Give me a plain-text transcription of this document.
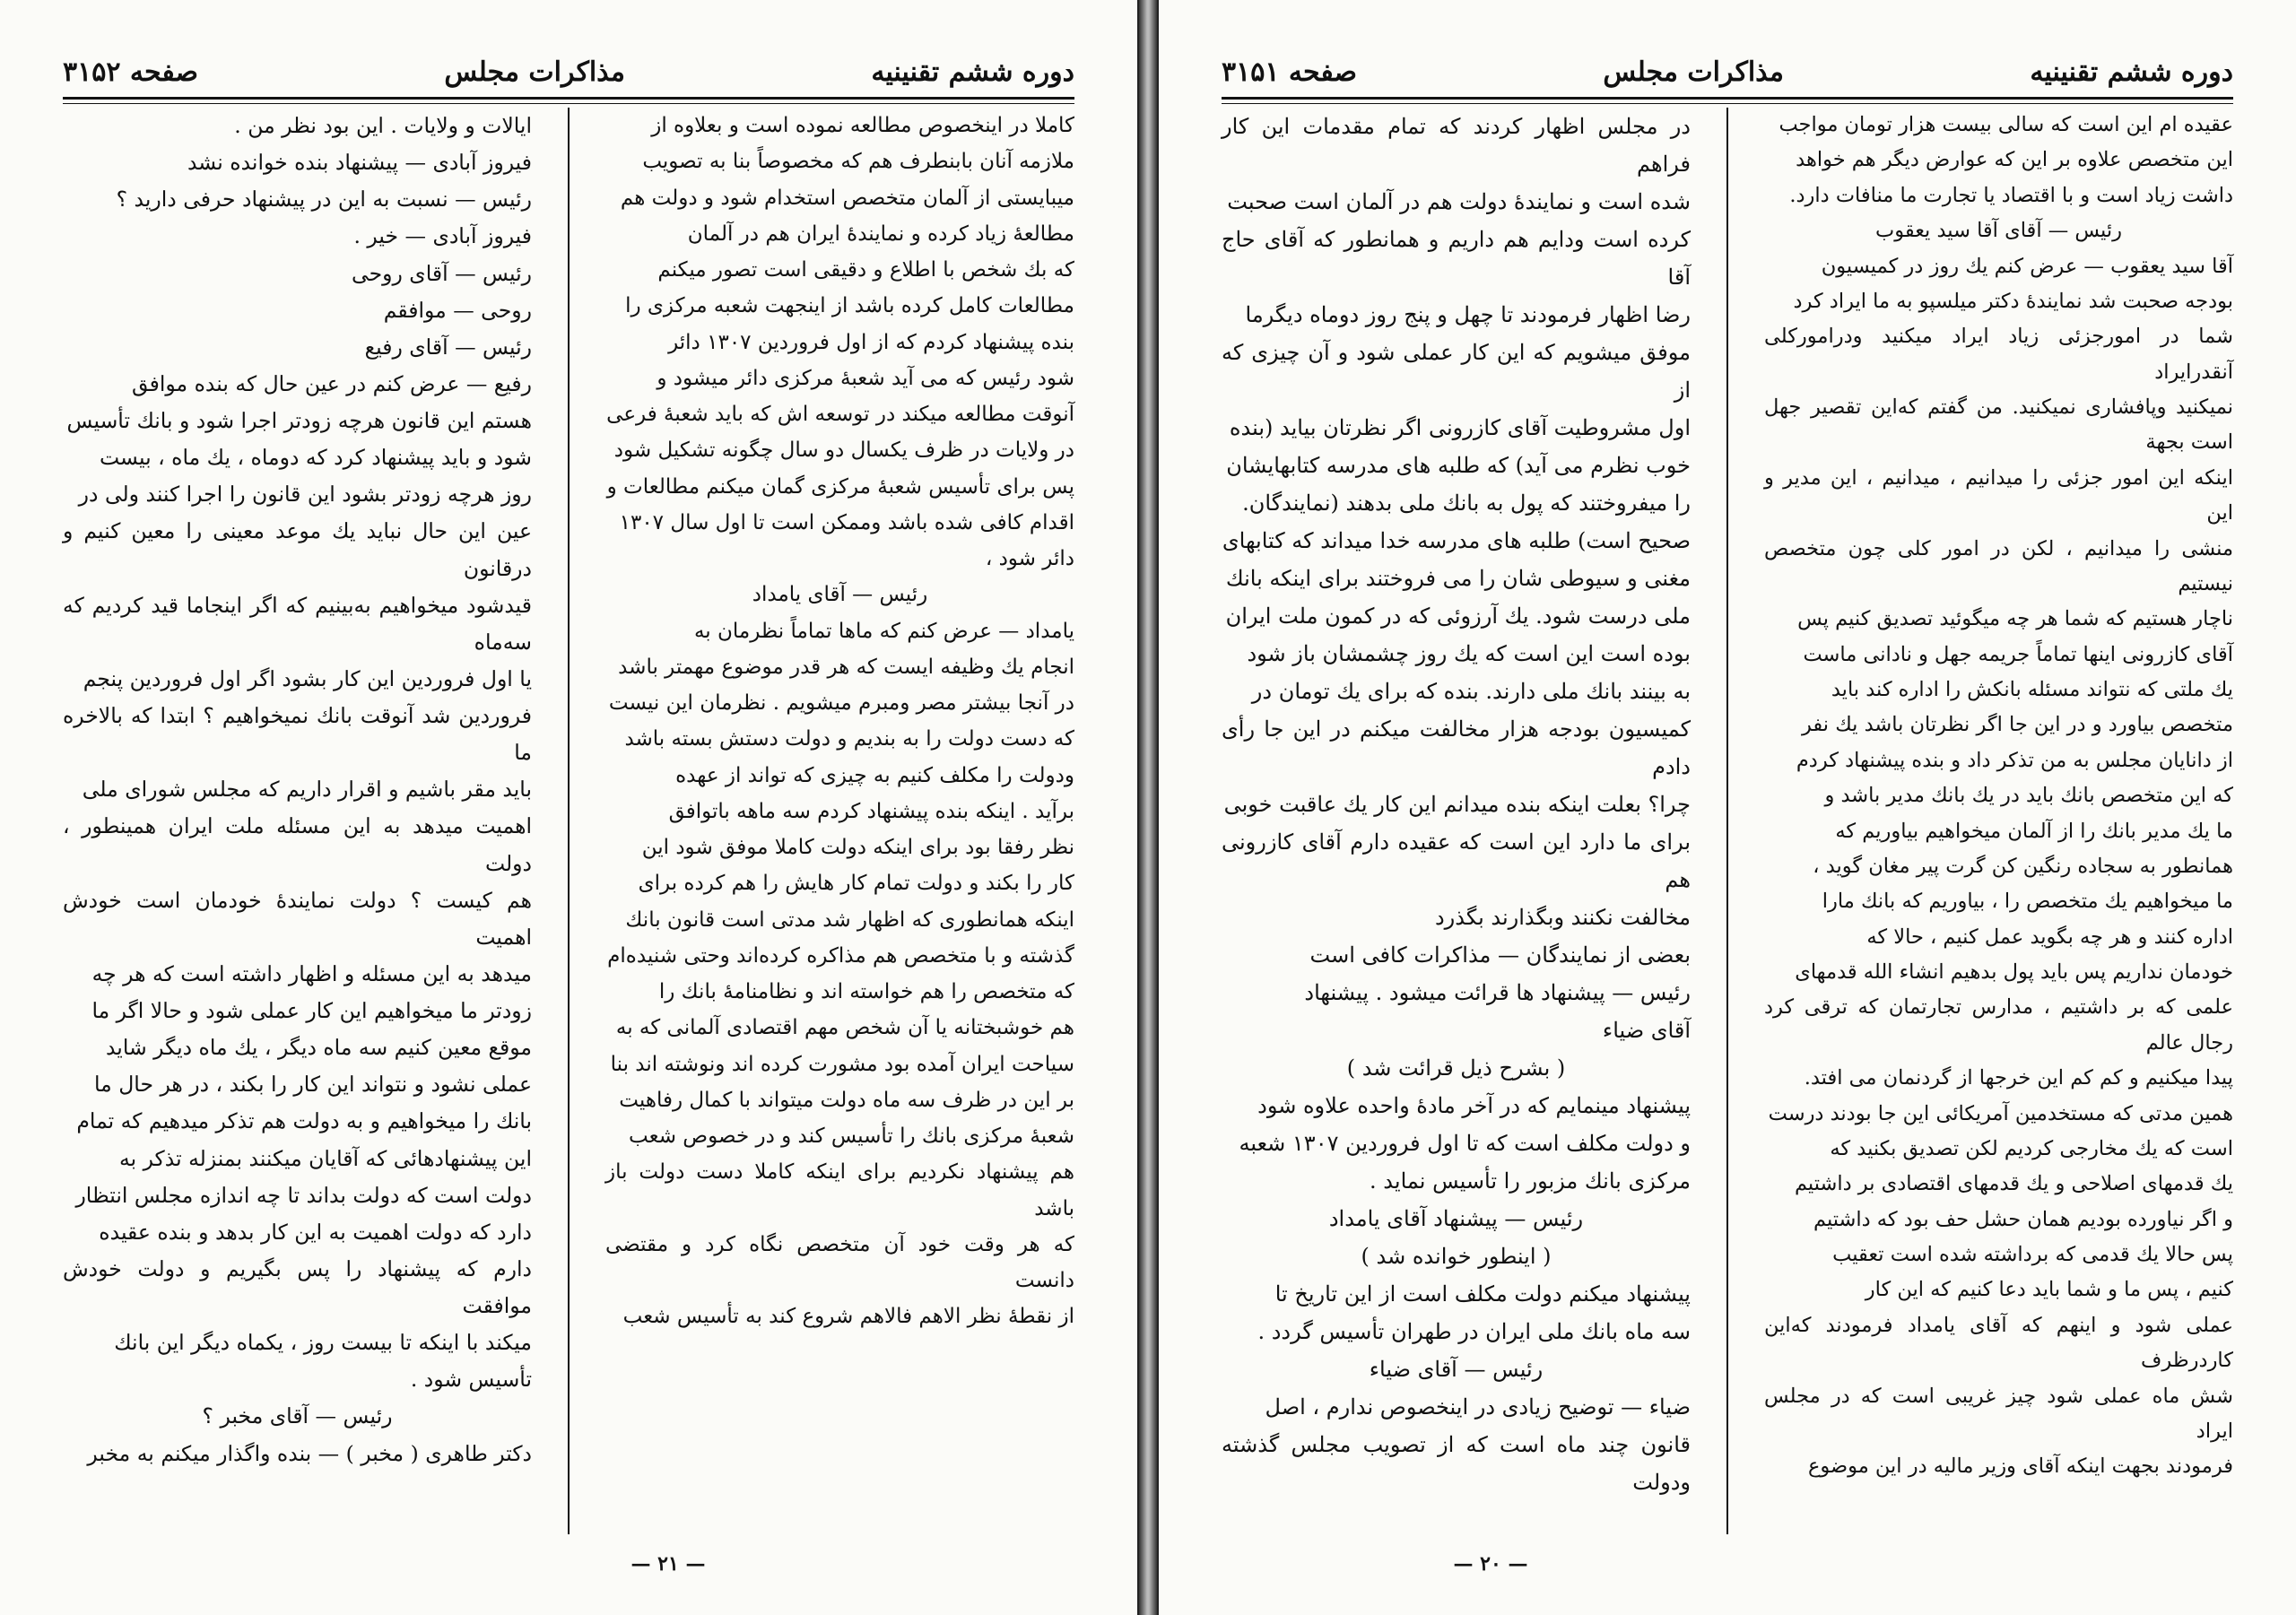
دوره ششم تقنینیه
مذاکرات مجلس
صفحه ۳۱۵۲

کاملا در اینخصوص مطالعه نموده است و بعلاوه از
ملازمه آنان بابنطرف هم که مخصوصاً بنا به تصویب
میبایستی از آلمان متخصص استخدام شود و دولت هم
مطالعهٔ زیاد کرده و نمایندهٔ ایران هم در آلمان
که بك شخص با اطلاع و دقیقی است تصور میکنم
مطالعات کامل کرده باشد از اینجهت شعبه مرکزی را
بنده پیشنهاد کردم که از اول فروردین ۱۳۰۷ دائر
شود رئیس که می آید شعبهٔ مرکزی دائر میشود و
آنوقت مطالعه میکند در توسعه اش که باید شعبهٔ فرعی
در ولایات در ظرف یکسال دو سال چگونه تشکیل شود
پس برای تأسیس شعبهٔ مرکزی گمان میکنم مطالعات و
اقدام کافی شده باشد وممکن است تا اول سال ۱۳۰۷
دائر شود ،

رئیس — آقای یامداد

یامداد — عرض کنم که ماها تماماً نظرمان به
انجام یك وظیفه ایست که هر قدر موضوع مهمتر باشد
در آنجا بیشتر مصر ومبرم میشویم . نظرمان این نیست
که دست دولت را به بندیم و دولت دستش بسته باشد
ودولت را مکلف کنیم به چیزی که تواند از عهده
برآید . اینکه بنده پیشنهاد کردم سه ماهه باتوافق
نظر رفقا بود برای اینکه دولت کاملا موفق شود این
کار را بکند و دولت تمام کار هایش را هم کرده برای
اینکه همانطوری که اظهار شد مدتی است قانون بانك
گذشته و با متخصص هم مذاکره کرده‌اند وحتی شنیده‌ام
که متخصص را هم خواسته اند و نظامنامهٔ بانك را
هم خوشبختانه یا آن شخص مهم اقتصادی آلمانی که به
سیاحت ایران آمده بود مشورت کرده اند ونوشته اند بنا
بر این در ظرف سه ماه دولت میتواند با کمال رفاهیت
شعبهٔ مرکزی بانك را تأسیس کند و در خصوص شعب
هم پیشنهاد نکردیم برای اینکه کاملا دست دولت باز باشد
که هر وقت خود آن متخصص نگاه کرد و مقتضی دانست
از نقطهٔ نظر الاهم فالاهم شروع کند به تأسیس شعب

ایالات و ولایات . این بود نظر من .

فیروز آبادی — پیشنهاد بنده خوانده نشد

رئیس — نسبت به این در پیشنهاد حرفی دارید ؟

فیروز آبادی — خیر .

رئیس — آقای روحی

روحی — موافقم

رئیس — آقای رفیع

رفیع — عرض کنم در عین حال که بنده موافق
هستم این قانون هرچه زودتر اجرا شود و بانك تأسیس
شود و باید پیشنهاد کرد که دوماه ، یك ماه ، بیست
روز هرچه زودتر بشود این قانون را اجرا کنند ولی در
عین این حال نباید یك موعد معینی را معین کنیم و درقانون
قیدشود میخواهیم به‌بینیم که اگر اینجاما قید کردیم که سه‌ماه
یا اول فروردین این کار بشود اگر اول فروردین پنجم
فروردین شد آنوقت بانك نمیخواهیم ؟ ابتدا که بالاخره ما
باید مقر باشیم و اقرار داریم که مجلس شورای ملی
اهمیت میدهد به این مسئله ملت ایران همینطور ، دولت
هم کیست ؟ دولت نمایندهٔ خودمان است خودش اهمیت
میدهد به این مسئله و اظهار داشته است که هر چه
زودتر ما میخواهیم این کار عملی شود و حالا اگر ما
موقع معین کنیم سه ماه دیگر ، یك ماه دیگر شاید
عملی نشود و نتواند این کار را بکند ، در هر حال ما
بانك را میخواهیم و به دولت هم تذکر میدهیم که تمام
این پیشنهادهائی که آقایان میکنند بمنزله تذکر به
دولت است که دولت بداند تا چه اندازه مجلس انتظار
دارد که دولت اهمیت به این کار بدهد و بنده عقیده
دارم که پیشنهاد را پس بگیریم و دولت خودش موافقت
میکند با اینکه تا بیست روز ، یکماه دیگر این بانك
تأسیس شود .

رئیس — آقای مخبر ؟

دکتر طاهری ( مخبر ) — بنده واگذار میکنم به مخبر

— ۲۱ —
دوره ششم تقنینیه
مذاکرات مجلس
صفحه ۳۱۵۱

عقیده ام این است که سالی بیست هزار تومان مواجب
این متخصص علاوه بر این که عوارض دیگر هم خواهد
داشت زیاد است و با اقتصاد یا تجارت ما منافات دارد.

رئیس — آقای آقا سید یعقوب

آقا سید یعقوب — عرض کنم یك روز در کمیسیون
بودجه صحبت شد نمایندهٔ دکتر میلسپو به ما ایراد کرد
شما در امورجزئی زیاد ایراد میکنید ودرامورکلی آنقدرایراد
نمیکنید وپافشاری نمیکنید. من گفتم که‌این تقصیر جهل است بجهة
اینکه این امور جزئی را میدانیم ، میدانیم ، این مدیر و این
منشی را میدانیم ، لکن در امور کلی چون متخصص نیستیم
ناچار هستیم که شما هر چه میگوئید تصدیق کنیم پس
آقای کازرونی اینها تماماً جریمه جهل و نادانی ماست
یك ملتی که نتواند مسئله بانکش را اداره کند باید
متخصص بیاورد و در این جا اگر نظرتان باشد یك نفر
از دانایان مجلس به من تذکر داد و بنده پیشنهاد کردم
که این متخصص بانك باید در یك بانك مدیر باشد و
ما یك مدیر بانك را از آلمان میخواهیم بیاوریم که
همانطور به سجاده رنگین کن گرت پیر مغان گوید ،
ما میخواهیم یك متخصص را ، بیاوریم که بانك مارا
اداره کنند و هر چه بگوید عمل کنیم ، حالا که
خودمان نداریم پس باید پول بدهیم انشاء الله قدمهای
علمی که بر داشتیم ، مدارس تجارتمان که ترقی کرد رجال عالم
پیدا میکنیم و کم کم این خرجها از گردنمان می افتد.
همین مدتی که مستخدمین آمریکائی این جا بودند درست
است که یك مخارجی کردیم لکن تصدیق بکنید که
یك قدمهای اصلاحی و یك قدمهای اقتصادی بر داشتیم
و اگر نیاورده بودیم همان حشل حف بود که داشتیم
پس حالا یك قدمی که برداشته شده است تعقیب
کنیم ، پس ما و شما باید دعا کنیم که این کار
عملی شود و اینهم که آقای یامداد فرمودند که‌این کاردرظرف
شش ماه عملی شود چیز غریبی است که در مجلس ایراد
فرمودند بجهت اینکه آقای وزیر مالیه در این موضوع

در مجلس اظهار کردند که تمام مقدمات این کار فراهم
شده است و نمایندهٔ دولت هم در آلمان است صحبت
کرده است ودایم هم داریم و همانطور که آقای حاج آقا
رضا اظهار فرمودند تا چهل و پنج روز دوماه دیگرما
موفق میشویم که این کار عملی شود و آن چیزی که از
اول مشروطیت آقای کازرونی اگر نظرتان بیاید (بنده
خوب نظرم می آید) که طلبه های مدرسه کتابهایشان
را میفروختند که پول به بانك ملی بدهند (نمایندگان.
صحیح است) طلبه های مدرسه خدا میداند که کتابهای
مغنی و سیوطی شان را می فروختند برای اینکه بانك
ملی درست شود. یك آرزوئی که در کمون ملت ایران
بوده است این است که یك روز چشمشان باز شود
به بینند بانك ملی دارند. بنده که برای یك تومان در
کمیسیون بودجه هزار مخالفت میکنم در این جا رأی دادم
چرا؟ بعلت اینکه بنده میدانم این کار یك عاقبت خوبی
برای ما دارد این است که عقیده دارم آقای کازرونی هم
مخالفت نکنند وبگذارند بگذرد

بعضی از نمایندگان — مذاکرات کافی است

رئیس — پیشنهاد ها قرائت میشود . پیشنهاد
آقای ضیاء

( بشرح ذیل قرائت شد )

پیشنهاد مینمایم که در آخر مادهٔ واحده علاوه شود
و دولت مکلف است که تا اول فروردین ۱۳۰۷ شعبه
مرکزی بانك مزبور را تأسیس نماید .

رئیس — پیشنهاد آقای یامداد

( اینطور خوانده شد )

پیشنهاد میکنم دولت مکلف است از این تاریخ تا
سه ماه بانك ملی ایران در طهران تأسیس گردد .

رئیس — آقای ضیاء

ضیاء — توضیح زیادی در اینخصوص ندارم ، اصل
قانون چند ماه است که از تصویب مجلس گذشته ودولت

— ۲۰ —
